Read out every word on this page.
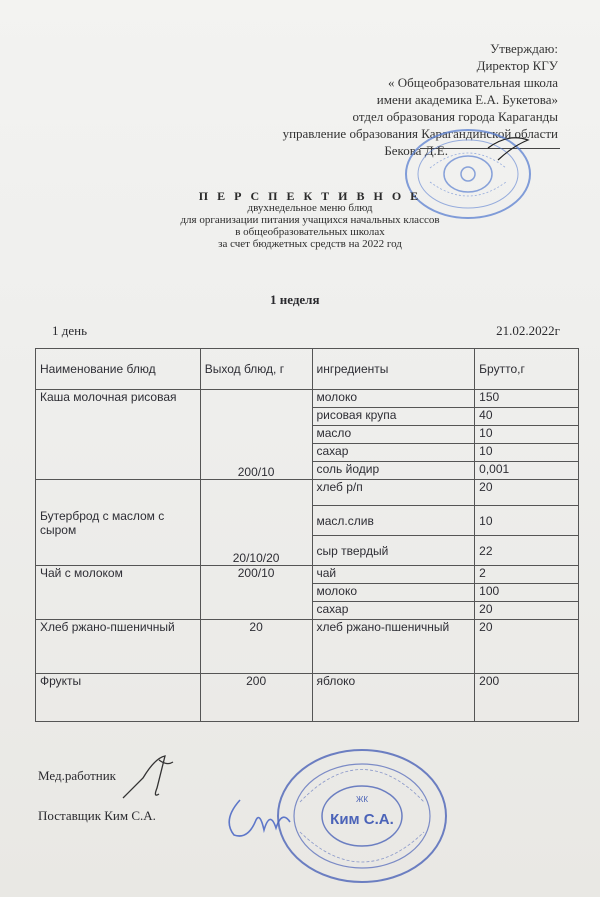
Утверждаю:
Директор КГУ
« Общеобразовательная школа
имени академика Е.А. Букетова»
отдел образования города Караганды
управление образования Карагандинской области
Бекова Д.Е.
П Е Р С П Е К Т И В Н О Е
двухнедельное меню блюд
для организации питания учащихся начальных классов
в общеобразовательных школах
за счет бюджетных средств на 2022 год
1 неделя
1 день	21.02.2022г
Наименование блюд	Выход блюд, г	ингредиенты	Брутто,г
Каша молочная рисовая	200/10	молоко	150
		рисовая крупа	40
		масло	10
		сахар	10
		соль йодир	0,001
Бутерброд с маслом с сыром	20/10/20	хлеб р/п	20
		масл.слив	10
		сыр твердый	22
Чай с молоком	200/10	чай	2
		молоко	100
		сахар	20
Хлеб ржано-пшеничный	20	хлеб ржано-пшеничный	20
Фрукты	200	яблоко	200
Мед.работник
Поставщик Ким С.А.
ЖК
Ким С.А.
